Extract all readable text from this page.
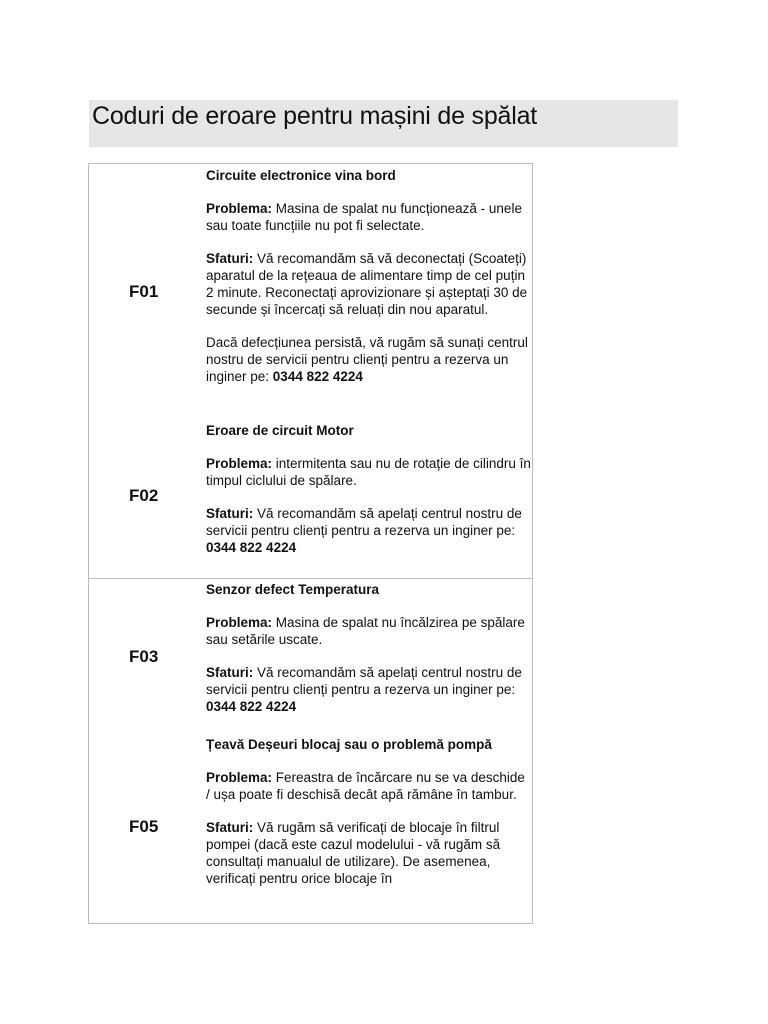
Coduri de eroare pentru mașini de spălat
F01

Circuite electronice vina bord

Problema: Masina de spalat nu funcționează - unele sau toate funcțiile nu pot fi selectate.

Sfaturi: Vă recomandăm să vă deconectați (Scoateți) aparatul de la rețeaua de alimentare timp de cel puțin 2 minute. Reconectați aprovizionare și așteptați 30 de secunde și încercați să reluați din nou aparatul.

Dacă defecțiunea persistă, vă rugăm să sunați centrul nostru de servicii pentru clienți pentru a rezerva un inginer pe: 0344 822 4224

F02

Eroare de circuit Motor

Problema: intermitenta sau nu de rotație de cilindru în timpul ciclului de spălare.

Sfaturi: Vă recomandăm să apelați centrul nostru de servicii pentru clienți pentru a rezerva un inginer pe: 0344 822 4224

F03

Senzor defect Temperatura

Problema: Masina de spalat nu încălzirea pe spălare sau setările uscate.

Sfaturi: Vă recomandăm să apelați centrul nostru de servicii pentru clienți pentru a rezerva un inginer pe: 0344 822 4224

F05

Țeavă Deșeuri blocaj sau o problemă pompă

Problema: Fereastra de încărcare nu se va deschide / ușa poate fi deschisă decât apă rămâne în tambur.

Sfaturi: Vă rugăm să verificați de blocaje în filtrul pompei (dacă este cazul modelului - vă rugăm să consultați manualul de utilizare). De asemenea, verificați pentru orice blocaje în
